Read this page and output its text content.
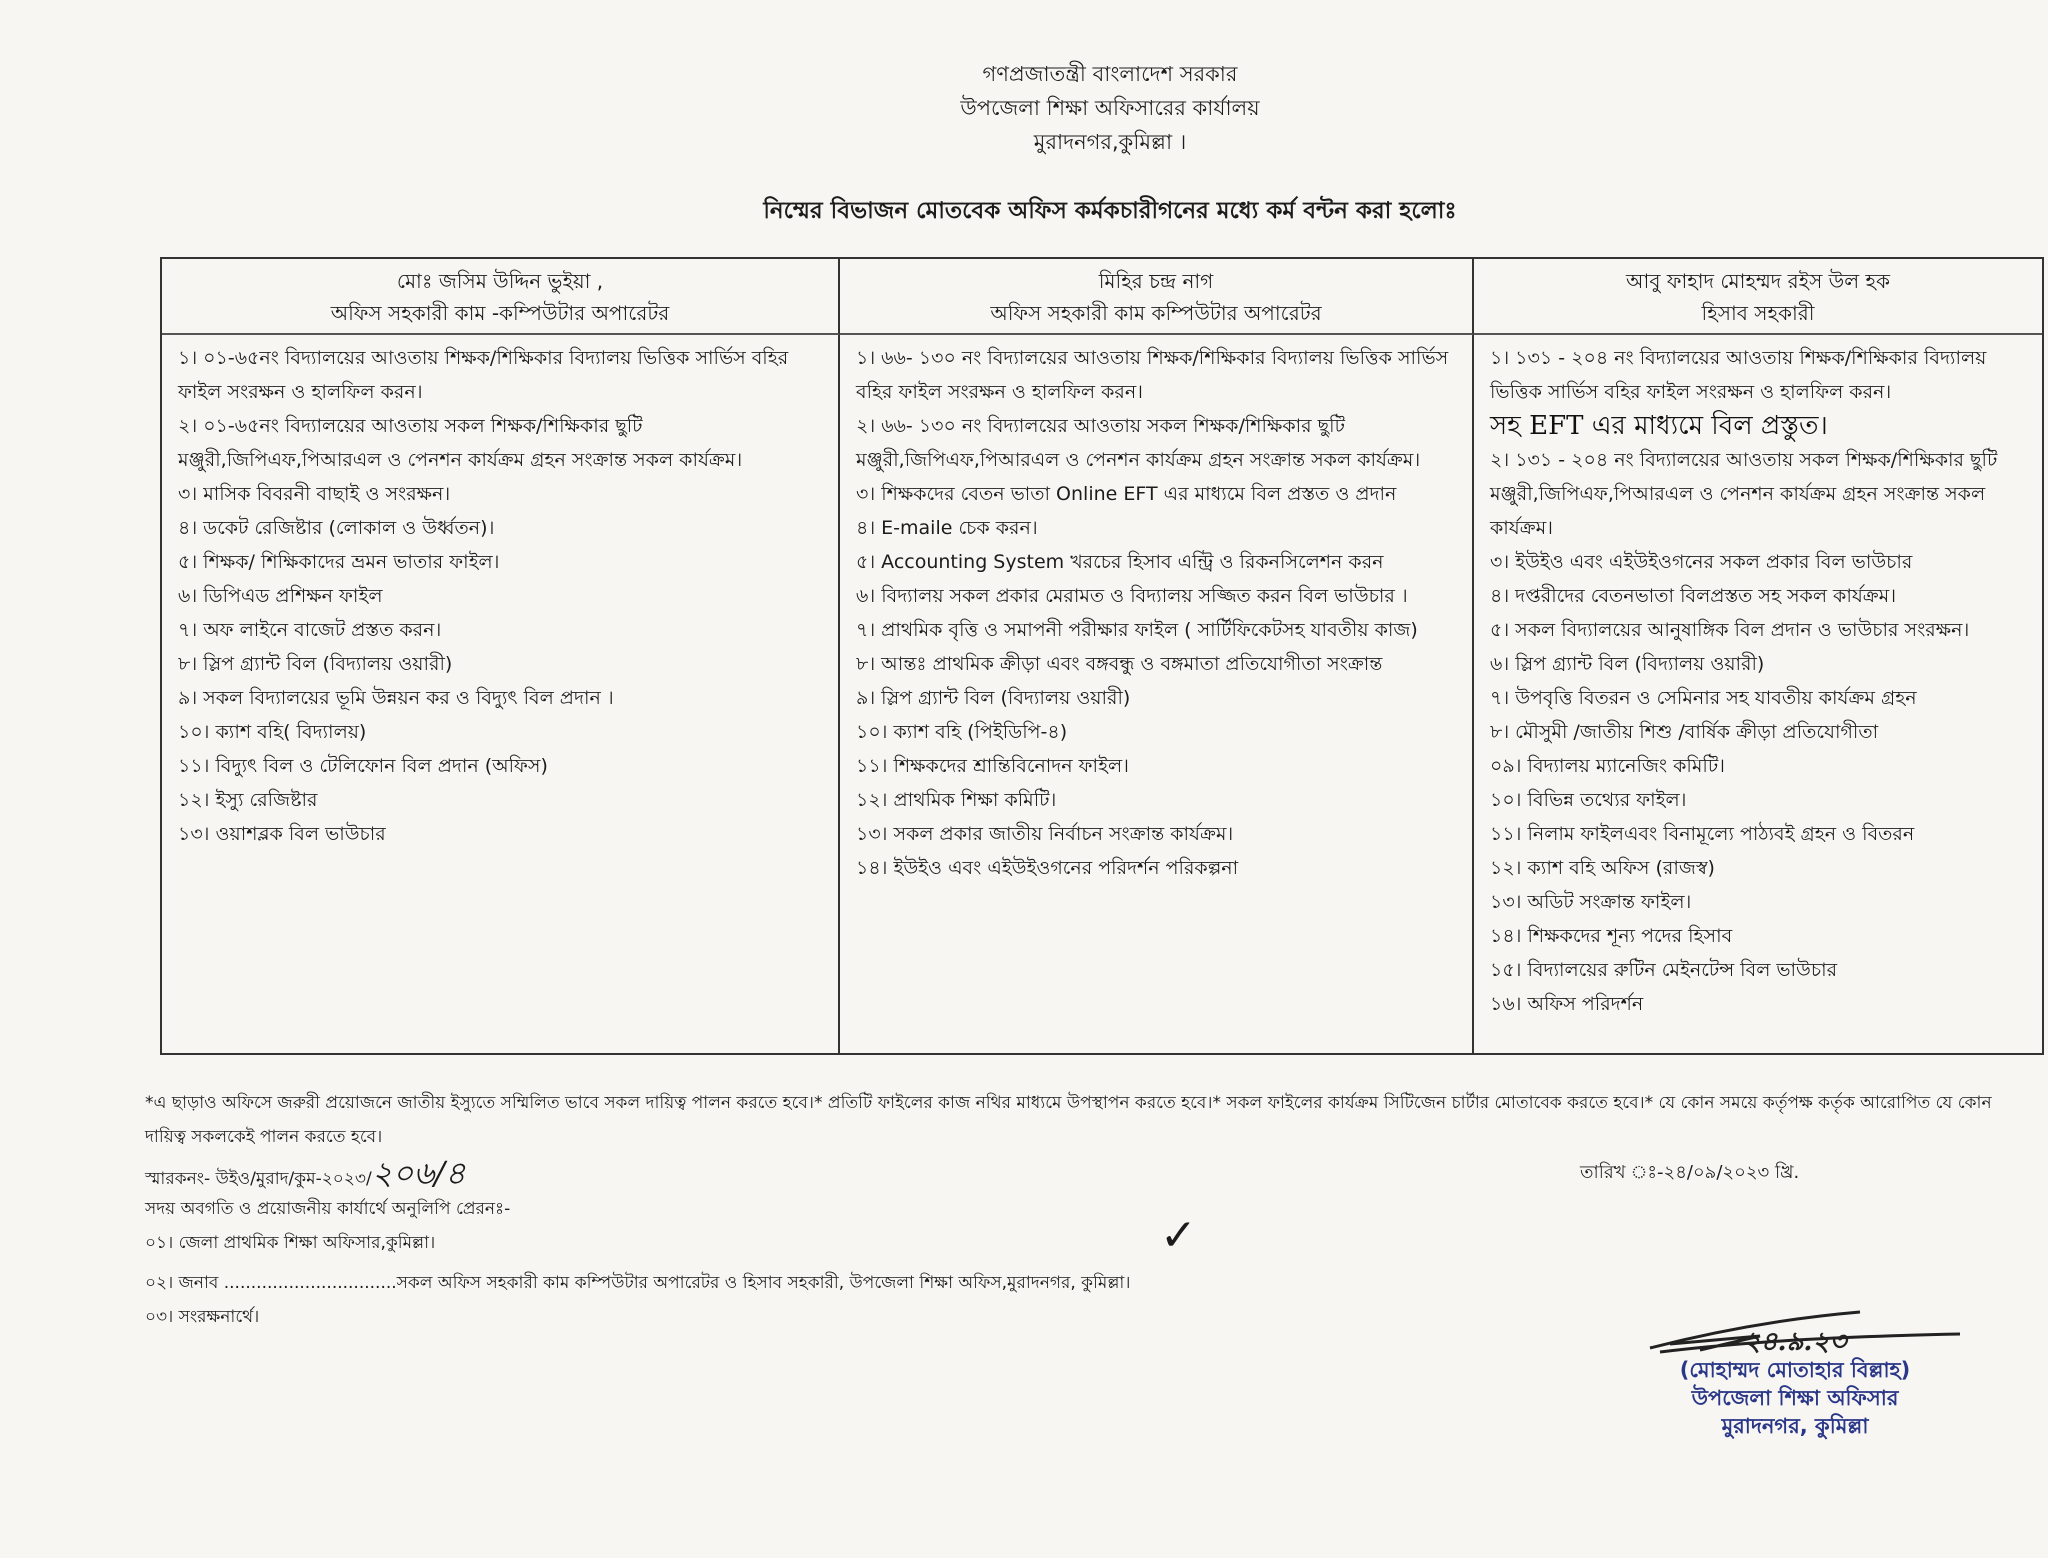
গণপ্রজাতন্ত্রী বাংলাদেশ সরকার
উপজেলা শিক্ষা অফিসারের কার্যালয়
মুরাদনগর,কুমিল্লা ।
নিম্মের বিভাজন মোতবেক অফিস কর্মকচারীগনের মধ্যে কর্ম বন্টন করা হলোঃ
মোঃ জসিম উদ্দিন ভুইয়া ,
অফিস সহকারী কাম -কম্পিউটার অপারেটর
মিহির চন্দ্র নাগ
অফিস সহকারী কাম কম্পিউটার অপারেটর
আবু ফাহাদ মোহম্মদ রইস উল হক
হিসাব সহকারী
১। ০১-৬৫নং বিদ্যালয়ের আওতায় শিক্ষক/শিক্ষিকার বিদ্যালয় ভিত্তিক সার্ভিস বহির ফাইল সংরক্ষন ও হালফিল করন।
২। ০১-৬৫নং বিদ্যালয়ের আওতায় সকল শিক্ষক/শিক্ষিকার ছুটি মঞ্জুরী,জিপিএফ,পিআরএল ও পেনশন কার্যক্রম গ্রহন সংক্রান্ত সকল কার্যক্রম।
৩। মাসিক বিবরনী বাছাই ও সংরক্ষন।
৪। ডকেট রেজিষ্টার (লোকাল ও উর্ধ্বতন)।
৫। শিক্ষক/ শিক্ষিকাদের ভ্রমন ভাতার ফাইল।
৬। ডিপিএড প্রশিক্ষন ফাইল
৭। অফ লাইনে বাজেট প্রস্তত করন।
৮। স্লিপ গ্র্যান্ট বিল (বিদ্যালয় ওয়ারী)
৯। সকল বিদ্যালয়ের ভূমি উন্নয়ন কর ও বিদ্যুৎ বিল প্রদান ।
১০। ক্যাশ বহি( বিদ্যালয়)
১১। বিদ্যুৎ বিল ও টেলিফোন বিল প্রদান (অফিস)
১২। ইস্যু রেজিষ্টার
১৩। ওয়াশব্লক বিল ভাউচার
১। ৬৬- ১৩০ নং বিদ্যালয়ের আওতায় শিক্ষক/শিক্ষিকার বিদ্যালয় ভিত্তিক সার্ভিস বহির ফাইল সংরক্ষন ও হালফিল করন।
২। ৬৬- ১৩০ নং বিদ্যালয়ের আওতায় সকল শিক্ষক/শিক্ষিকার ছুটি মঞ্জুরী,জিপিএফ,পিআরএল ও পেনশন কার্যক্রম গ্রহন সংক্রান্ত সকল কার্যক্রম।
৩। শিক্ষকদের বেতন ভাতা Online EFT এর মাধ্যমে বিল প্রস্তত ও প্রদান
৪। E-maile চেক করন।
৫। Accounting System খরচের হিসাব এন্ট্রি ও রিকনসিলেশন করন
৬। বিদ্যালয় সকল প্রকার মেরামত ও বিদ্যালয় সজ্জিত করন বিল ভাউচার ।
৭। প্রাথমিক বৃত্তি ও সমাপনী পরীক্ষার ফাইল ( সার্টিফিকেটসহ যাবতীয় কাজ)
৮। আন্তঃ প্রাথমিক ক্রীড়া এবং বঙ্গবন্ধু ও বঙ্গমাতা প্রতিযোগীতা সংক্রান্ত
৯। স্লিপ গ্র্যান্ট বিল (বিদ্যালয় ওয়ারী)
১০। ক্যাশ বহি (পিইডিপি-৪)
১১। শিক্ষকদের শ্রান্তিবিনোদন ফাইল।
১২। প্রাথমিক শিক্ষা কমিটি।
১৩। সকল প্রকার জাতীয় নির্বাচন সংক্রান্ত কার্যক্রম।
১৪। ইউইও এবং এইউইওগনের পরিদর্শন পরিকল্পনা
১। ১৩১ - ২০৪ নং বিদ্যালয়ের আওতায় শিক্ষক/শিক্ষিকার বিদ্যালয় ভিত্তিক সার্ভিস বহির ফাইল সংরক্ষন ও হালফিল করন।
সহ EFT এর মাধ্যমে বিল প্রস্তুত।
২। ১৩১ - ২০৪ নং বিদ্যালয়ের আওতায় সকল শিক্ষক/শিক্ষিকার ছুটি মঞ্জুরী,জিপিএফ,পিআরএল ও পেনশন কার্যক্রম গ্রহন সংক্রান্ত সকল কার্যক্রম।
৩। ইউইও এবং এইউইওগনের সকল প্রকার বিল ভাউচার
৪। দপ্তরীদের বেতনভাতা বিলপ্রস্তত সহ সকল কার্যক্রম।
৫। সকল বিদ্যালয়ের আনুষাঙ্গিক বিল প্রদান ও ভাউচার সংরক্ষন।
৬। স্লিপ গ্র্যান্ট বিল (বিদ্যালয় ওয়ারী)
৭। উপবৃত্তি বিতরন ও সেমিনার সহ যাবতীয় কার্যক্রম গ্রহন
৮। মৌসুমী /জাতীয় শিশু /বার্ষিক ক্রীড়া প্রতিযোগীতা
০৯। বিদ্যালয় ম্যানেজিং কমিটি।
১০। বিভিন্ন তথ্যের ফাইল।
১১। নিলাম ফাইলএবং বিনামূল্যে পাঠ্যবই গ্রহন ও বিতরন
১২। ক্যাশ বহি অফিস (রাজস্ব)
১৩। অডিট সংক্রান্ত ফাইল।
১৪। শিক্ষকদের শূন্য পদের হিসাব
১৫। বিদ্যালয়ের রুটিন মেইনটেন্স বিল ভাউচার
১৬। অফিস পরিদর্শন
*এ ছাড়াও অফিসে জরুরী প্রয়োজনে জাতীয় ইস্যুতে সম্মিলিত ভাবে সকল দায়িত্ব পালন করতে হবে।* প্রতিটি ফাইলের কাজ নথির মাধ্যমে উপস্থাপন করতে হবে।* সকল ফাইলের কার্যক্রম সিটিজেন চার্টার মোতাবেক করতে হবে।* যে কোন সময়ে কর্তৃপক্ষ কর্তৃক আরোপিত যে কোন দায়িত্ব সকলকেই পালন করতে হবে।
স্মারকনং- উইও/মুরাদ/কুম-২০২৩/২০৬/৪	তারিখ ঃ-২৪/০৯/২০২৩ খ্রি.
সদয় অবগতি ও প্রয়োজনীয় কার্যার্থে অনুলিপি প্রেরনঃ-
০১। জেলা প্রাথমিক শিক্ষা অফিসার,কুমিল্লা।
০২। জনাব ................................সকল অফিস সহকারী কাম কম্পিউটার অপারেটর ও হিসাব সহকারী, উপজেলা শিক্ষা অফিস,মুরাদনগর, কুমিল্লা।
০৩। সংরক্ষনার্থে।
✓
২৪.৯.২৩
(মোহাম্মদ মোতাহার বিল্লাহ)
উপজেলা শিক্ষা অফিসার
মুরাদনগর, কুমিল্লা
